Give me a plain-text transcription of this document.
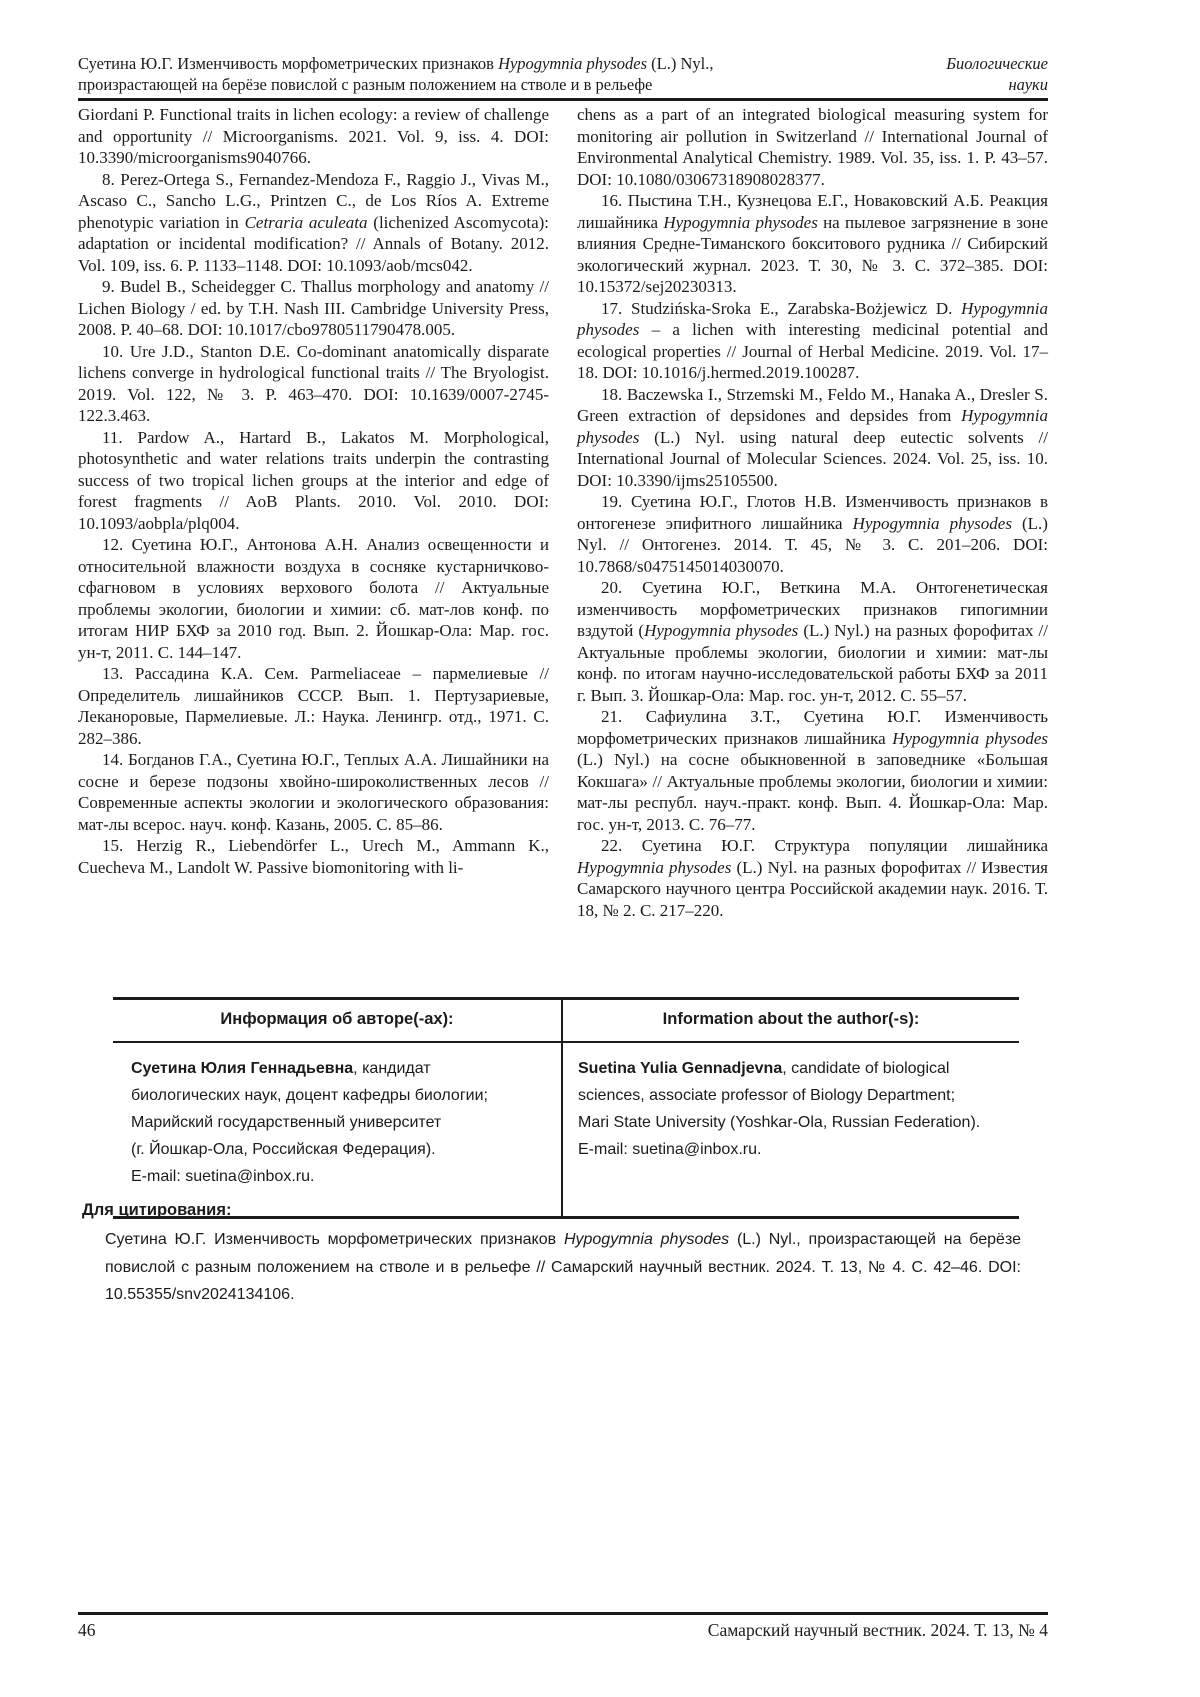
Суетина Ю.Г. Изменчивость морфометрических признаков Hypogymnia physodes (L.) Nyl.,
произрастающей на берёзе повислой с разным положением на стволе и в рельефе
Биологические
науки

Giordani P. Functional traits in lichen ecology: a review of challenge and opportunity // Microorganisms. 2021. Vol. 9, iss. 4. DOI: 10.3390/microorganisms9040766.

8. Perez-Ortega S., Fernandez-Mendoza F., Raggio J., Vivas M., Ascaso C., Sancho L.G., Printzen C., de Los Ríos A. Extreme phenotypic variation in Cetraria aculeata (lichenized Ascomycota): adaptation or incidental modification? // Annals of Botany. 2012. Vol. 109, iss. 6. P. 1133–1148. DOI: 10.1093/aob/mcs042.

9. Budel B., Scheidegger C. Thallus morphology and anatomy // Lichen Biology / ed. by T.H. Nash III. Cambridge University Press, 2008. P. 40–68. DOI: 10.1017/cbo9780511790478.005.

10. Ure J.D., Stanton D.E. Co-dominant anatomically disparate lichens converge in hydrological functional traits // The Bryologist. 2019. Vol. 122, № 3. P. 463–470. DOI: 10.1639/0007-2745-122.3.463.

11. Pardow A., Hartard B., Lakatos M. Morphological, photosynthetic and water relations traits underpin the contrasting success of two tropical lichen groups at the interior and edge of forest fragments // AoB Plants. 2010. Vol. 2010. DOI: 10.1093/aobpla/plq004.

12. Суетина Ю.Г., Антонова А.Н. Анализ освещенности и относительной влажности воздуха в сосняке кустарничково-сфагновом в условиях верхового болота // Актуальные проблемы экологии, биологии и химии: сб. мат-лов конф. по итогам НИР БХФ за 2010 год. Вып. 2. Йошкар-Ола: Мар. гос. ун-т, 2011. С. 144–147.

13. Рассадина К.А. Сем. Parmeliaceae – пармелиевые // Определитель лишайников СССР. Вып. 1. Пертузариевые, Леканоровые, Пармелиевые. Л.: Наука. Ленингр. отд., 1971. С. 282–386.

14. Богданов Г.А., Суетина Ю.Г., Теплых А.А. Лишайники на сосне и березе подзоны хвойно-широколиственных лесов // Современные аспекты экологии и экологического образования: мат-лы всерос. науч. конф. Казань, 2005. С. 85–86.

15. Herzig R., Liebendörfer L., Urech M., Ammann K., Cuecheva M., Landolt W. Passive biomonitoring with li-

chens as a part of an integrated biological measuring system for monitoring air pollution in Switzerland // International Journal of Environmental Analytical Chemistry. 1989. Vol. 35, iss. 1. P. 43–57. DOI: 10.1080/03067318908028377.

16. Пыстина Т.Н., Кузнецова Е.Г., Новаковский А.Б. Реакция лишайника Hypogymnia physodes на пылевое загрязнение в зоне влияния Средне-Тиманского бокситового рудника // Сибирский экологический журнал. 2023. Т. 30, № 3. С. 372–385. DOI: 10.15372/sej20230313.

17. Studzińska-Sroka E., Zarabska-Bożjewicz D. Hypogymnia physodes – a lichen with interesting medicinal potential and ecological properties // Journal of Herbal Medicine. 2019. Vol. 17–18. DOI: 10.1016/j.hermed.2019.100287.

18. Baczewska I., Strzemski M., Feldo M., Hanaka A., Dresler S. Green extraction of depsidones and depsides from Hypogymnia physodes (L.) Nyl. using natural deep eutectic solvents // International Journal of Molecular Sciences. 2024. Vol. 25, iss. 10. DOI: 10.3390/ijms25105500.

19. Суетина Ю.Г., Глотов Н.В. Изменчивость признаков в онтогенезе эпифитного лишайника Hypogymnia physodes (L.) Nyl. // Онтогенез. 2014. Т. 45, № 3. С. 201–206. DOI: 10.7868/s0475145014030070.

20. Суетина Ю.Г., Веткина М.А. Онтогенетическая изменчивость морфометрических признаков гипогимнии вздутой (Hypogymnia physodes (L.) Nyl.) на разных форофитах // Актуальные проблемы экологии, биологии и химии: мат-лы конф. по итогам научно-исследовательской работы БХФ за 2011 г. Вып. 3. Йошкар-Ола: Мар. гос. ун-т, 2012. С. 55–57.

21. Сафиулина З.Т., Суетина Ю.Г. Изменчивость морфометрических признаков лишайника Hypogymnia physodes (L.) Nyl.) на сосне обыкновенной в заповеднике «Большая Кокшага» // Актуальные проблемы экологии, биологии и химии: мат-лы республ. науч.-практ. конф. Вып. 4. Йошкар-Ола: Мар. гос. ун-т, 2013. С. 76–77.

22. Суетина Ю.Г. Структура популяции лишайника Hypogymnia physodes (L.) Nyl. на разных форофитах // Известия Самарского научного центра Российской академии наук. 2016. Т. 18, № 2. С. 217–220.

Информация об авторе(-ах):	Information about the author(-s):
Суетина Юлия Геннадьевна, кандидат
биологических наук, доцент кафедры биологии;
Марийский государственный университет
(г. Йошкар-Ола, Российская Федерация).
E-mail: suetina@inbox.ru.
Suetina Yulia Gennadjevna, candidate of biological
sciences, associate professor of Biology Department;
Mari State University (Yoshkar-Ola, Russian Federation).
E-mail: suetina@inbox.ru.
Для цитирования:

Суетина Ю.Г. Изменчивость морфометрических признаков Hypogymnia physodes (L.) Nyl., произрастающей на берёзе повислой с разным положением на стволе и в рельефе // Самарский научный вестник. 2024. Т. 13, № 4. С. 42–46. DOI: 10.55355/snv2024134106.

46	Самарский научный вестник. 2024. Т. 13, № 4
